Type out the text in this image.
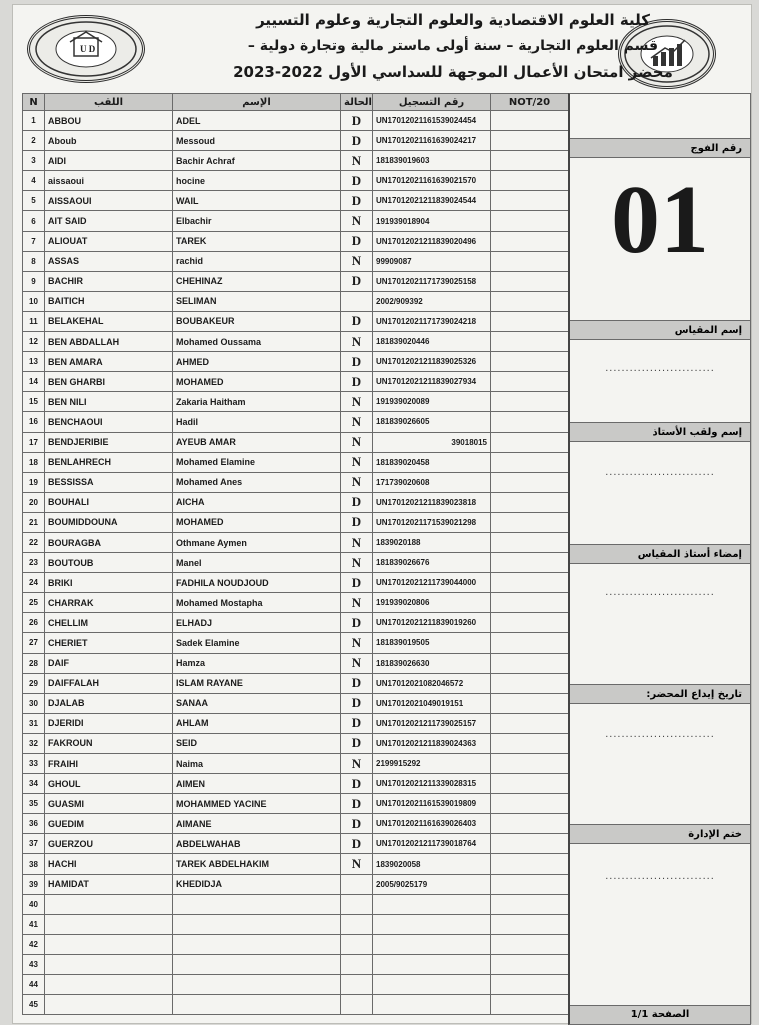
U D
كلية العلوم الاقتصادية والعلوم التجارية وعلوم التسيير
قسم العلوم التجارية – سنة أولى ماستر مالية وتجارة دولية –
محضر امتحان الأعمال الموجهة للسداسي الأول 2022-2023
N	اللقب	الإسم	الحالة	رقم التسجيل	NOT/20
1	ABBOU	ADEL	D	UN17012021161539024454	
2	Aboub	Messoud	D	UN17012021161639024217	
3	AIDI	Bachir Achraf	N	181839019603	
4	aissaoui	hocine	D	UN17012021161639021570	
5	AISSAOUI	WAIL	D	UN17012021211839024544	
6	AIT SAID	Elbachir	N	191939018904	
7	ALIOUAT	TAREK	D	UN17012021211839020496	
8	ASSAS	rachid	N	99909087	
9	BACHIR	CHEHINAZ	D	UN17012021171739025158	
10	BAITICH	SELIMAN		2002/909392	
11	BELAKEHAL	BOUBAKEUR	D	UN17012021171739024218	
12	BEN ABDALLAH	Mohamed Oussama	N	181839020446	
13	BEN AMARA	AHMED	D	UN17012021211839025326	
14	BEN GHARBI	MOHAMED	D	UN17012021211839027934	
15	BEN NILI	Zakaria Haitham	N	191939020089	
16	BENCHAOUI	Hadil	N	181839026605	
17	BENDJERIBIE	AYEUB AMAR	N	39018015	
18	BENLAHRECH	Mohamed Elamine	N	181839020458	
19	BESSISSA	Mohamed Anes	N	171739020608	
20	BOUHALI	AICHA	D	UN17012021211839023818	
21	BOUMIDDOUNA	MOHAMED	D	UN17012021171539021298	
22	BOURAGBA	Othmane Aymen	N	1839020188	
23	BOUTOUB	Manel	N	181839026676	
24	BRIKI	FADHILA NOUDJOUD	D	UN17012021211739044000	
25	CHARRAK	Mohamed Mostapha	N	191939020806	
26	CHELLIM	ELHADJ	D	UN17012021211839019260	
27	CHERIET	Sadek Elamine	N	181839019505	
28	DAIF	Hamza	N	181839026630	
29	DAIFFALAH	ISLAM RAYANE	D	UN17012021082046572	
30	DJALAB	SANAA	D	UN17012021049019151	
31	DJERIDI	AHLAM	D	UN17012021211739025157	
32	FAKROUN	SEID	D	UN17012021211839024363	
33	FRAIHI	Naima	N	2199915292	
34	GHOUL	AIMEN	D	UN17012021211339028315	
35	GUASMI	MOHAMMED YACINE	D	UN17012021161539019809	
36	GUEDIM	AIMANE	D	UN17012021161639026403	
37	GUERZOU	ABDELWAHAB	D	UN17012021211739018764	
38	HACHI	TAREK ABDELHAKIM	N	1839020058	
39	HAMIDAT	KHEDIDJA		2005/9025179	
40					
41					
42					
43					
44					
45					
رقم الفوج
01
إسم المقياس
...........................
إسم ولقب الأستاذ
...........................
إمضاء أستاذ المقياس
...........................
تاريخ إيداع المحضر:
...........................
ختم الإدارة
...........................
الصفحة 1/1
